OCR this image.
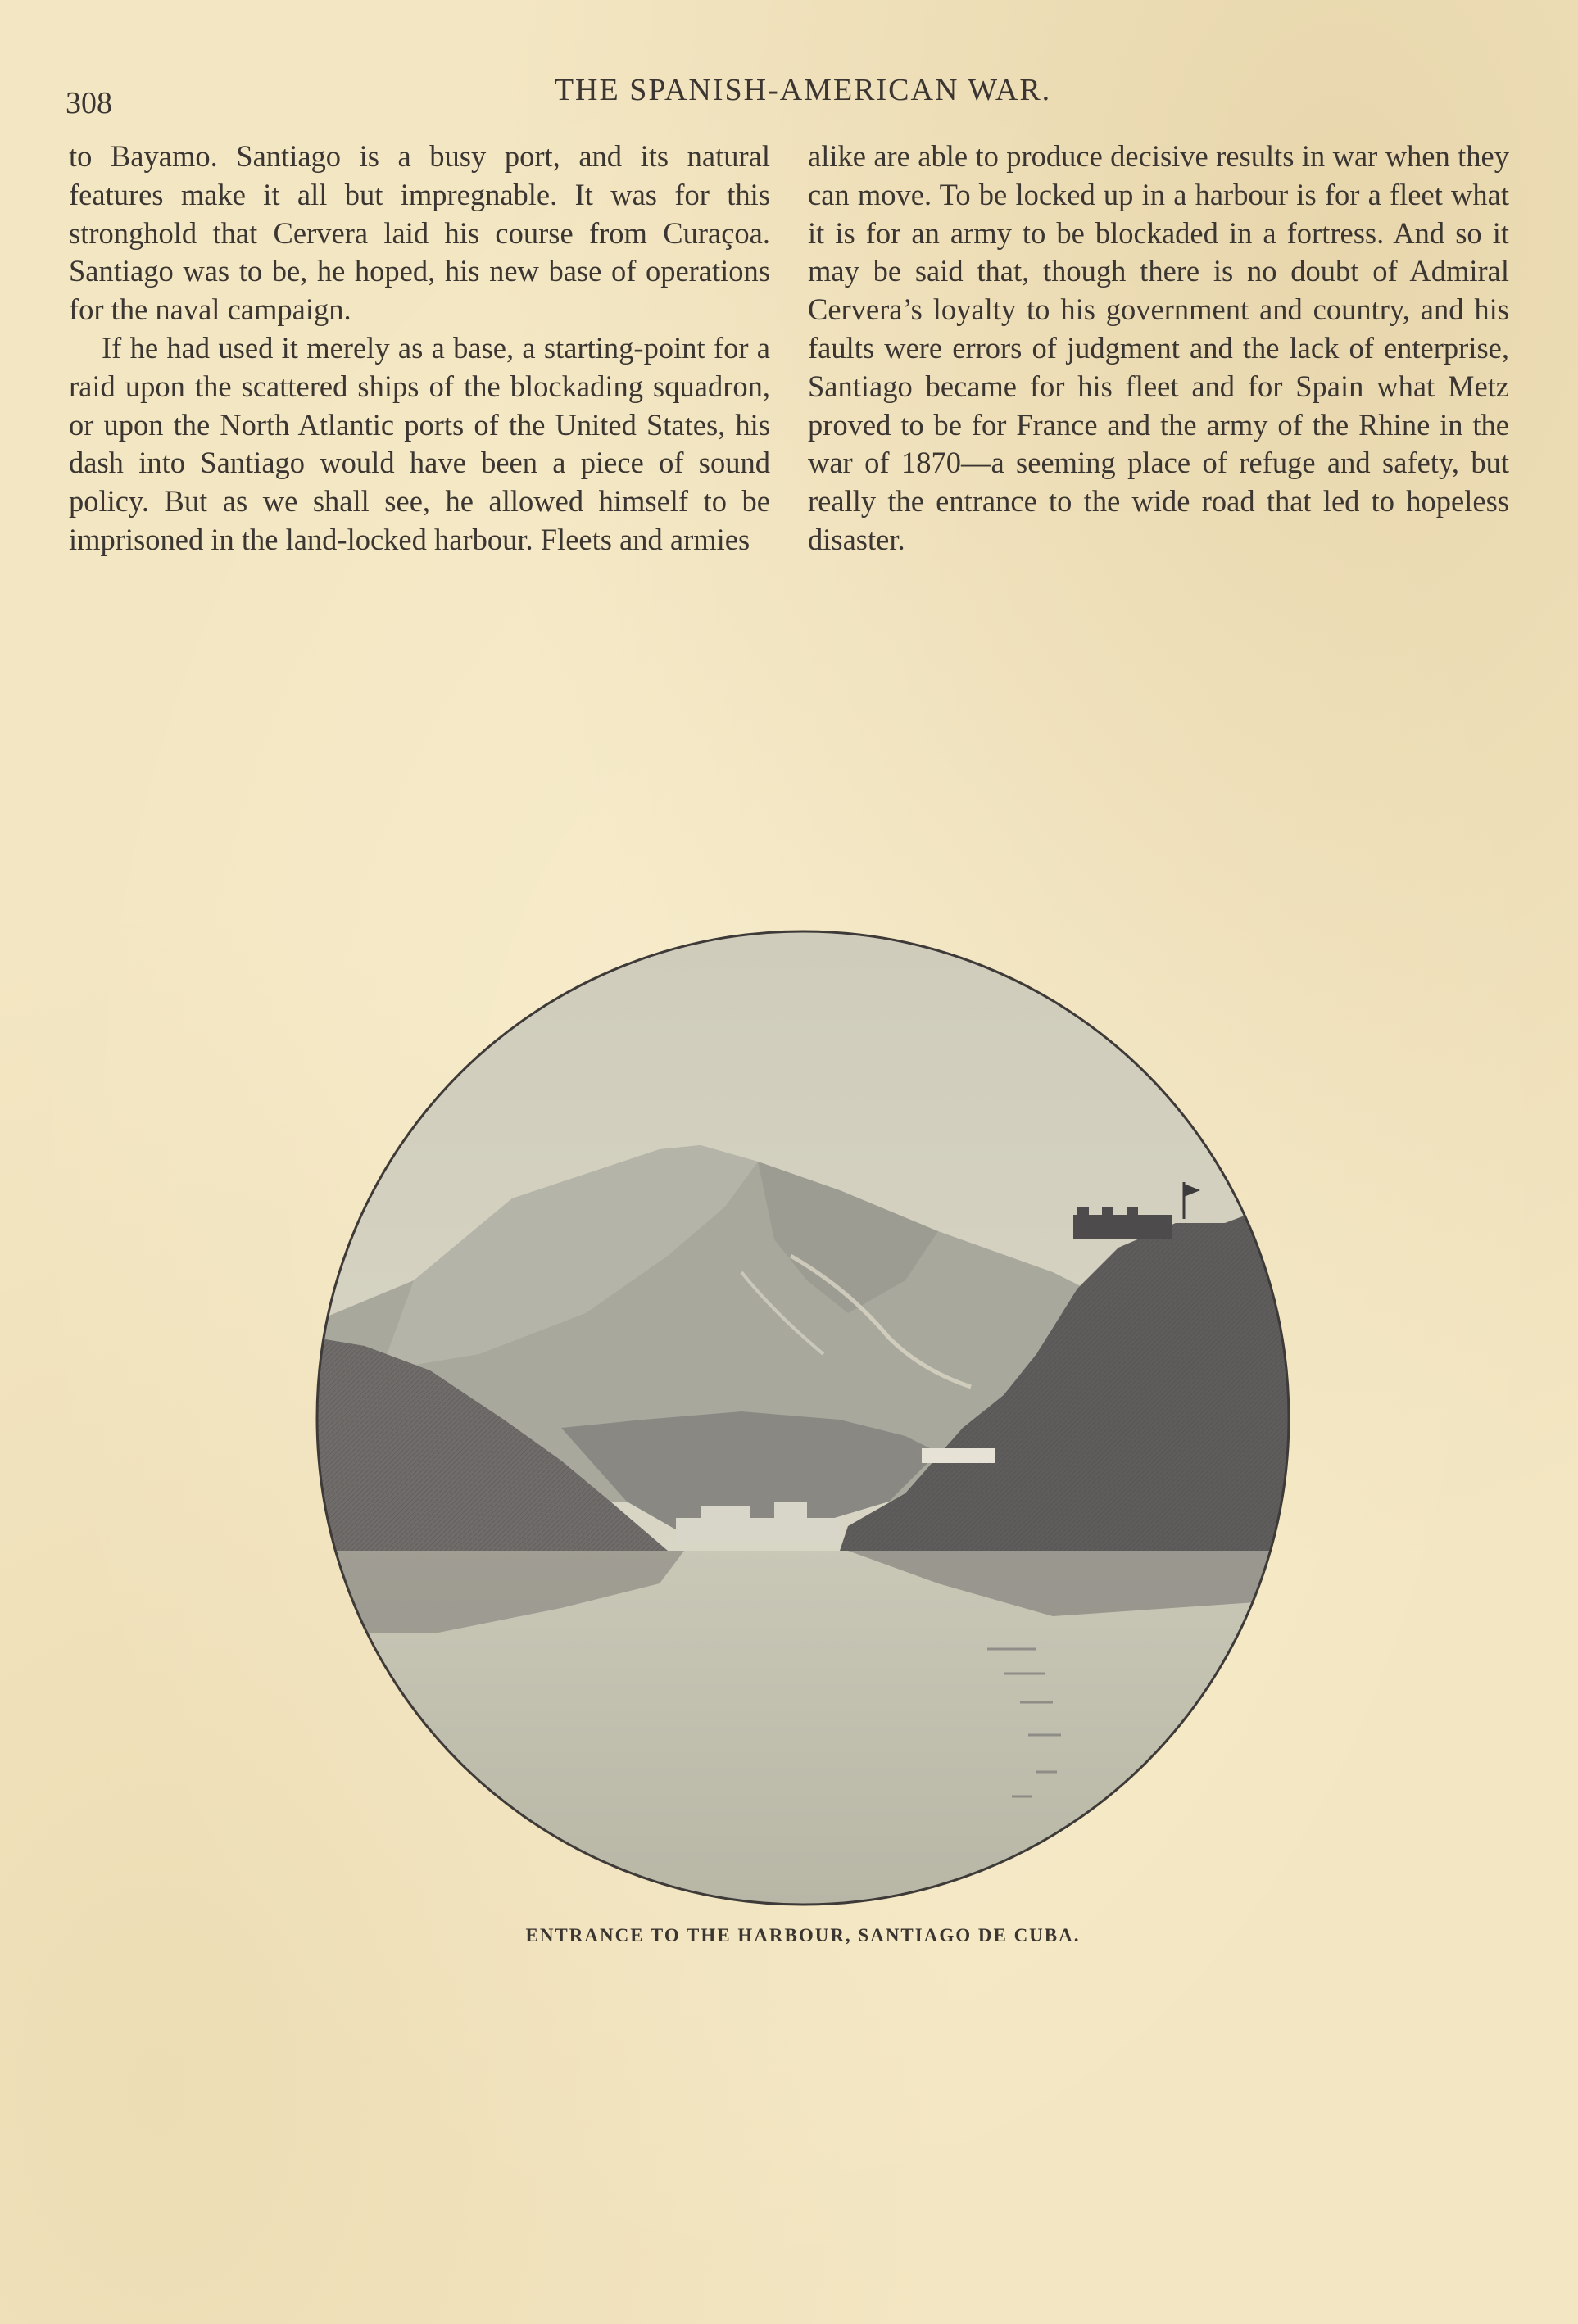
308	THE SPANISH-AMERICAN WAR.

to Bayamo. Santiago is a busy port, and its natural features make it all but impregnable. It was for this stronghold that Cervera laid his course from Curaçoa. Santiago was to be, he hoped, his new base of operations for the naval campaign.

If he had used it merely as a base, a starting-point for a raid upon the scattered ships of the blockading squadron, or upon the North Atlantic ports of the United States, his dash into Santiago would have been a piece of sound policy. But as we shall see, he allowed himself to be imprisoned in the land-locked harbour. Fleets and armies

alike are able to produce decisive results in war when they can move. To be locked up in a harbour is for a fleet what it is for an army to be blockaded in a fortress. And so it may be said that, though there is no doubt of Admiral Cervera’s loyalty to his government and country, and his faults were errors of judgment and the lack of enterprise, Santiago became for his fleet and for Spain what Metz proved to be for France and the army of the Rhine in the war of 1870—a seeming place of refuge and safety, but really the entrance to the wide road that led to hopeless disaster.

ENTRANCE TO THE HARBOUR, SANTIAGO DE CUBA.
